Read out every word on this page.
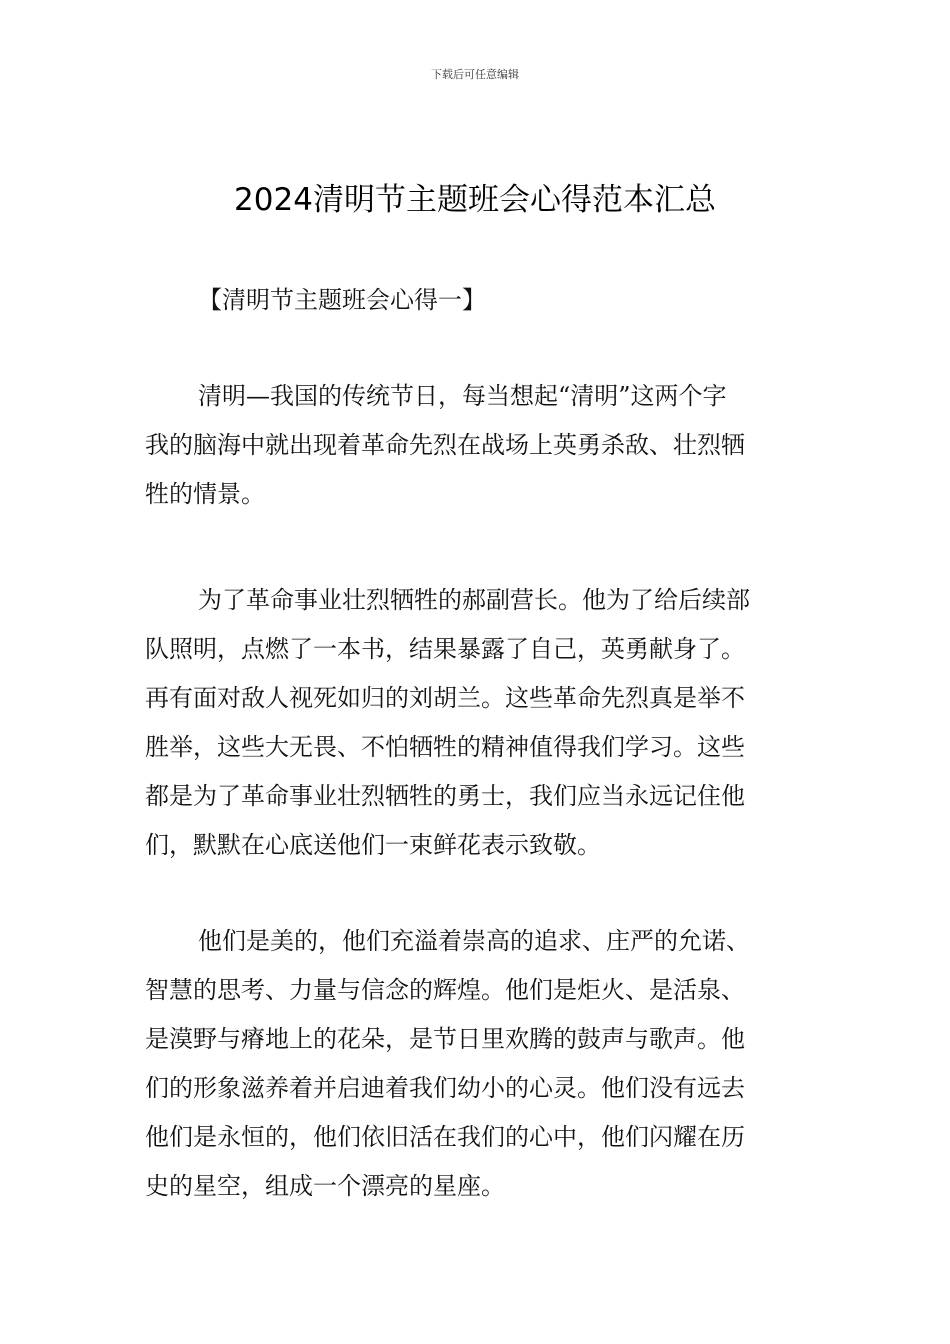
下载后可任意编辑
2024清明节主题班会心得范本汇总
【清明节主题班会心得一】
清明—我国的传统节日，每当想起“清明”这两个字
我的脑海中就出现着革命先烈在战场上英勇杀敌、壮烈牺
牲的情景。
为了革命事业壮烈牺牲的郝副营长。他为了给后续部
队照明，点燃了一本书，结果暴露了自己，英勇献身了。
再有面对敌人视死如归的刘胡兰。这些革命先烈真是举不
胜举，这些大无畏、不怕牺牲的精神值得我们学习。这些
都是为了革命事业壮烈牺牲的勇士，我们应当永远记住他
们，默默在心底送他们一束鲜花表示致敬。
他们是美的，他们充溢着崇高的追求、庄严的允诺、
智慧的思考、力量与信念的辉煌。他们是炬火、是活泉、
是漠野与瘠地上的花朵，是节日里欢腾的鼓声与歌声。他
们的形象滋养着并启迪着我们幼小的心灵。他们没有远去
他们是永恒的，他们依旧活在我们的心中，他们闪耀在历
史的星空，组成一个漂亮的星座。
